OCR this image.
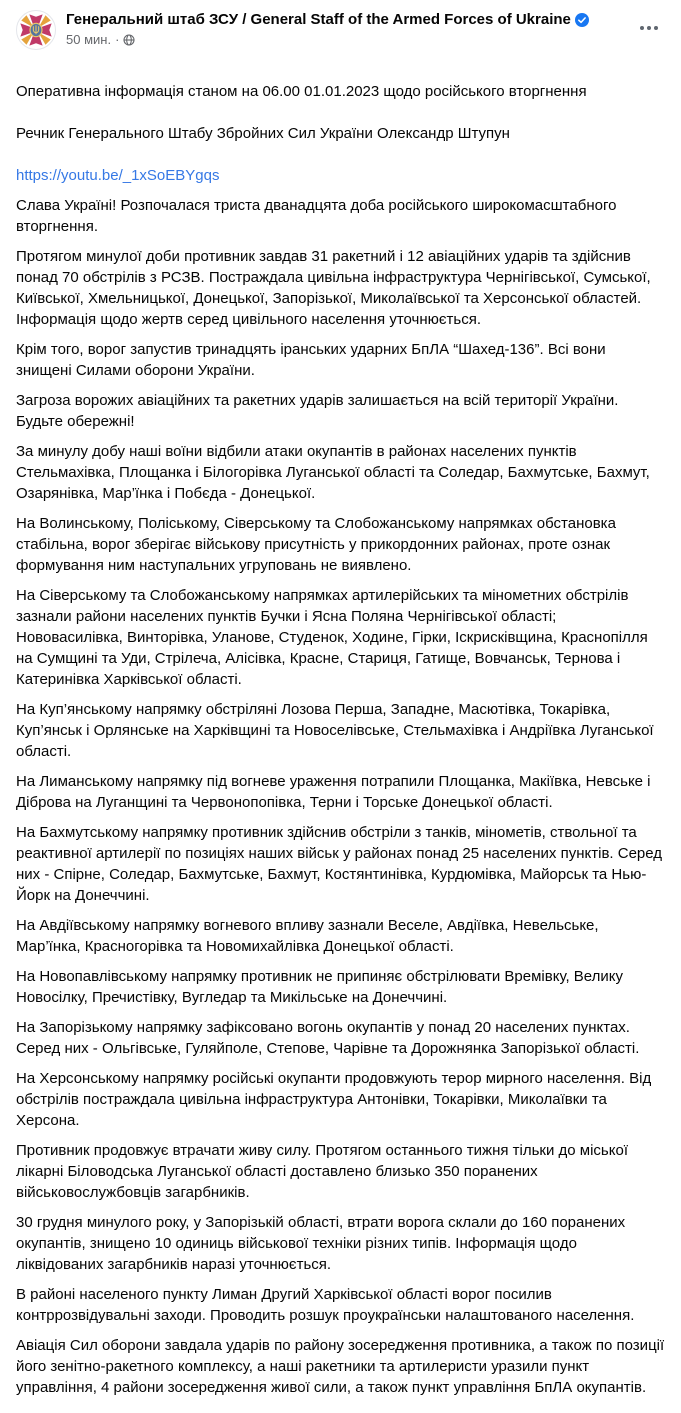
Генеральний штаб ЗСУ / General Staff of the Armed Forces of Ukraine
50 мин. ·

Оперативна інформація станом на 06.00 01.01.2023 щодо російського вторгнення

Речник Генерального Штабу Збройних Сил України Олександр Штупун

https://youtu.be/_1xSoEBYgqs

Слава Україні! Розпочалася триста дванадцята доба російського широкомасштабного вторгнення.

Протягом минулої доби противник завдав 31 ракетний і 12 авіаційних ударів та здійснив понад 70 обстрілів з РСЗВ. Постраждала цивільна інфраструктура Чернігівської, Сумської, Київської, Хмельницької, Донецької, Запорізької, Миколаївської та Херсонської областей. Інформація щодо жертв серед цивільного населення уточнюється.

Крім того, ворог запустив тринадцять іранських ударних БпЛА “Шахед-136”. Всі вони знищені Силами оборони України.

Загроза ворожих авіаційних та ракетних ударів залишається на всій території України. Будьте обережні!

За минулу добу наші воїни відбили атаки окупантів в районах населених пунктів Стельмахівка, Площанка і Білогорівка Луганської області та Соледар, Бахмутське, Бахмут, Озарянівка, Мар’їнка і Побєда - Донецької.

На Волинському, Поліському, Сіверському та Слобожанському напрямках обстановка стабільна, ворог зберігає військову присутність у прикордонних районах, проте ознак формування ним наступальних угруповань не виявлено.

На Сіверському та Слобожанському напрямках артилерійських та мінометних обстрілів зазнали райони населених пунктів Бучки і Ясна Поляна Чернігівської області; Нововасилівка, Винторівка, Уланове, Студенок, Ходине, Гірки, Іскрисківщина, Краснопілля на Сумщині та Уди, Стрілеча, Алісівка, Красне, Стариця, Гатище, Вовчанськ, Тернова і Катеринівка Харківської області.

На Куп’янському напрямку обстріляні Лозова Перша, Западне, Масютівка, Токарівка, Куп’янськ і Орлянське на Харківщині та Новоселівське, Стельмахівка і Андріївка Луганської області.

На Лиманському напрямку під вогневе ураження потрапили Площанка, Макіївка, Невське і Діброва на Луганщині та Червонопопівка, Терни і Торське Донецької області.

На Бахмутському напрямку противник здійснив обстріли з танків, мінометів, ствольної та реактивної артилерії по позиціях наших військ у районах понад 25 населених пунктів. Серед них - Спірне, Соледар, Бахмутське, Бахмут, Костянтинівка, Курдюмівка, Майорськ та Нью-Йорк на Донеччині.

На Авдіївському напрямку вогневого впливу зазнали Веселе, Авдіївка, Невельське, Мар’їнка, Красногорівка та Новомихайлівка Донецької області.

На Новопавлівському напрямку противник не припиняє обстрілювати Времівку, Велику Новосілку, Пречистівку, Вугледар та Микільське на Донеччині.

На Запорізькому напрямку зафіксовано вогонь окупантів у понад 20 населених пунктах. Серед них - Ольгівське, Гуляйполе, Степове, Чарівне та Дорожнянка Запорізької області.

На Херсонському напрямку російські окупанти продовжують терор мирного населення. Від обстрілів постраждала цивільна інфраструктура Антонівки, Токарівки, Миколаївки та Херсона.

Противник продовжує втрачати живу силу. Протягом останнього тижня тільки до міської лікарні Біловодська Луганської області доставлено близько 350 поранених військовослужбовців загарбників.

30 грудня минулого року, у Запорізькій області, втрати ворога склали до 160 поранених окупантів, знищено 10 одиниць військової техніки різних типів. Інформація щодо ліквідованих загарбників наразі уточнюється.

В районі населеного пункту Лиман Другий Харківської області ворог посилив контррозвідувальні заходи. Проводить розшук проукраїнськи налаштованого населення.

Авіація Сил оборони завдала ударів по району зосередження противника, а також по позиції його зенітно-ракетного комплексу, а наші ракетники та артилеристи уразили пункт управління, 4 райони зосередження живої сили, а також пункт управління БпЛА окупантів.
